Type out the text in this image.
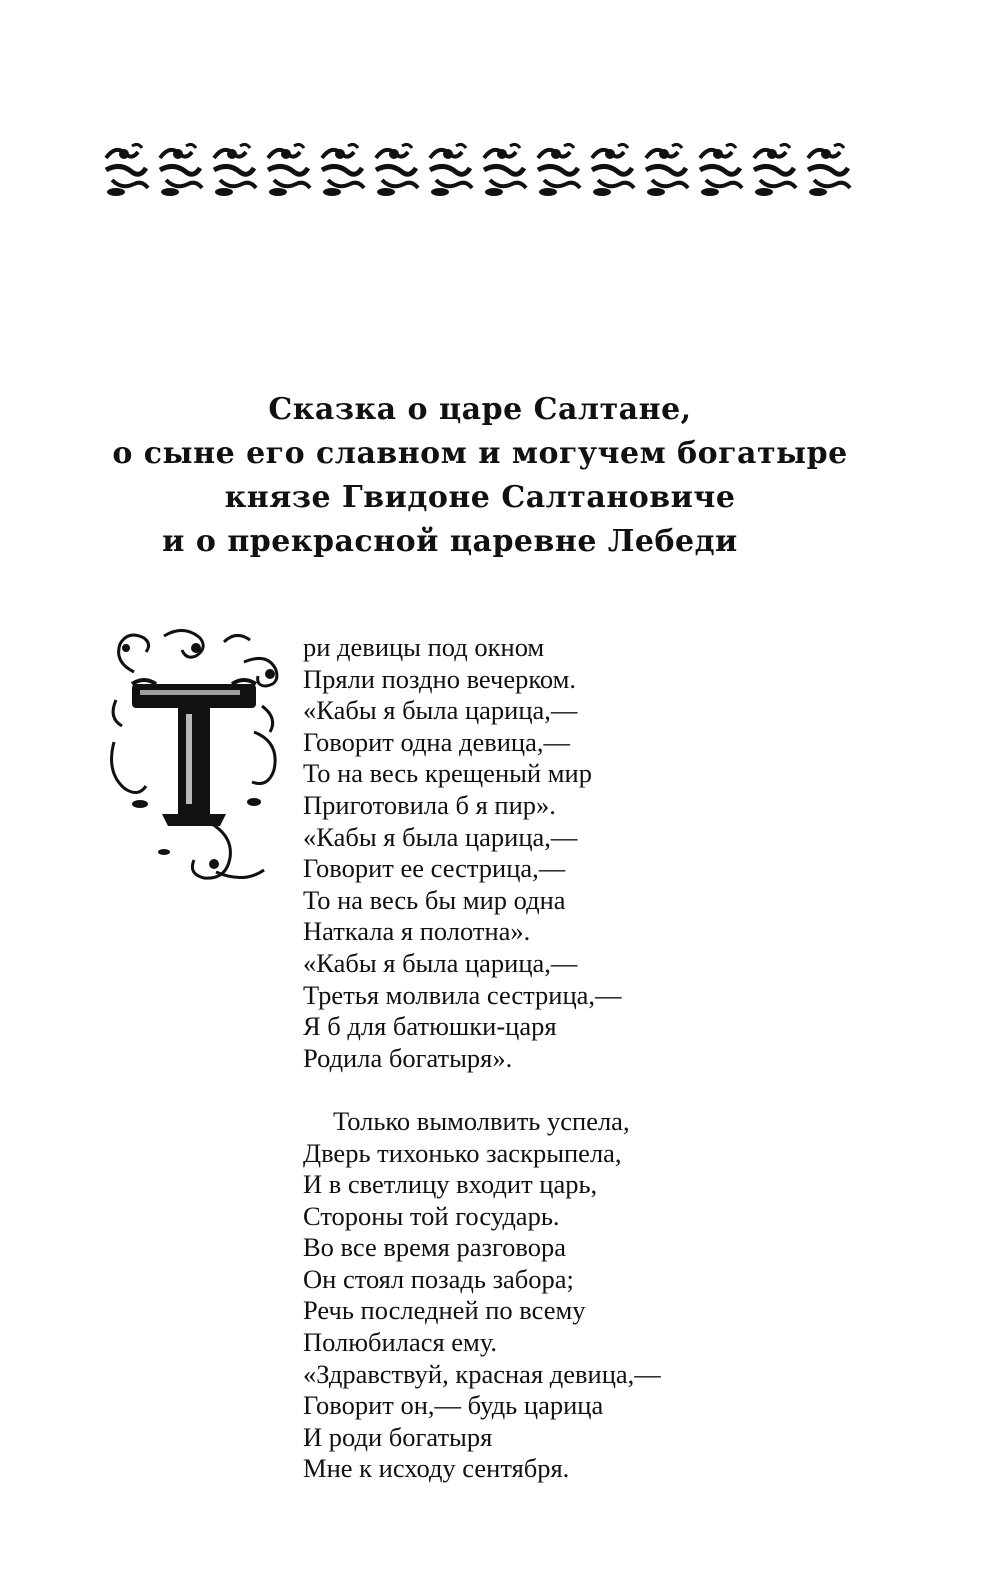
Сказка о царе Салтане,
о сыне его славном и могучем богатыре
князе Гвидоне Салтановиче
и о прекрасной царевне Лебеди
ри девицы под окном
Пряли поздно вечерком.
«Кабы я была царица,—
Говорит одна девица,—
То на весь крещеный мир
Приготовила б я пир».
«Кабы я была царица,—
Говорит ее сестрица,—
То на весь бы мир одна
Наткала я полотна».
«Кабы я была царица,—
Третья молвила сестрица,—
Я б для батюшки-царя
Родила богатыря».
Только вымолвить успела,
Дверь тихонько заскрыпела,
И в светлицу входит царь,
Стороны той государь.
Во все время разговора
Он стоял позадь забора;
Речь последней по всему
Полюбилася ему.
«Здравствуй, красная девица,—
Говорит он,— будь царица
И роди богатыря
Мне к исходу сентября.
